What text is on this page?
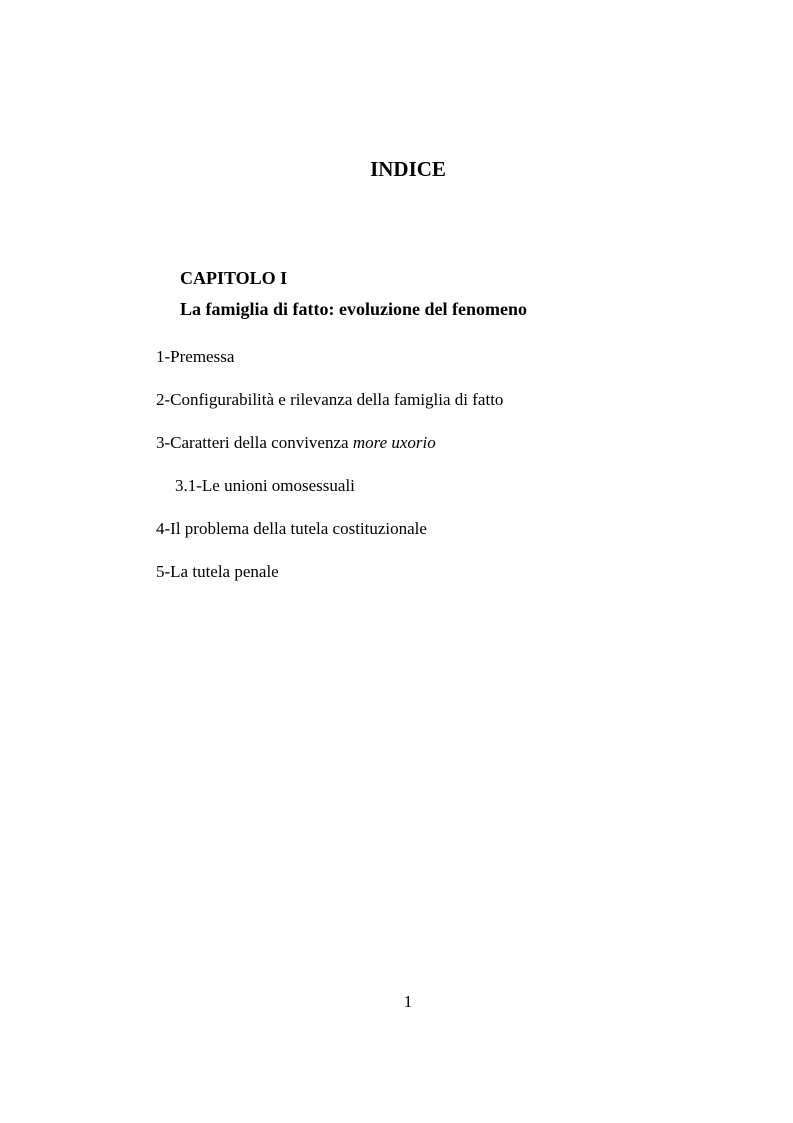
INDICE
CAPITOLO I
La famiglia di fatto: evoluzione del fenomeno
1-Premessa
2-Configurabilità e rilevanza della famiglia di fatto
3-Caratteri della convivenza more uxorio
3.1-Le unioni omosessuali
4-Il problema della tutela costituzionale
5-La tutela penale
1
